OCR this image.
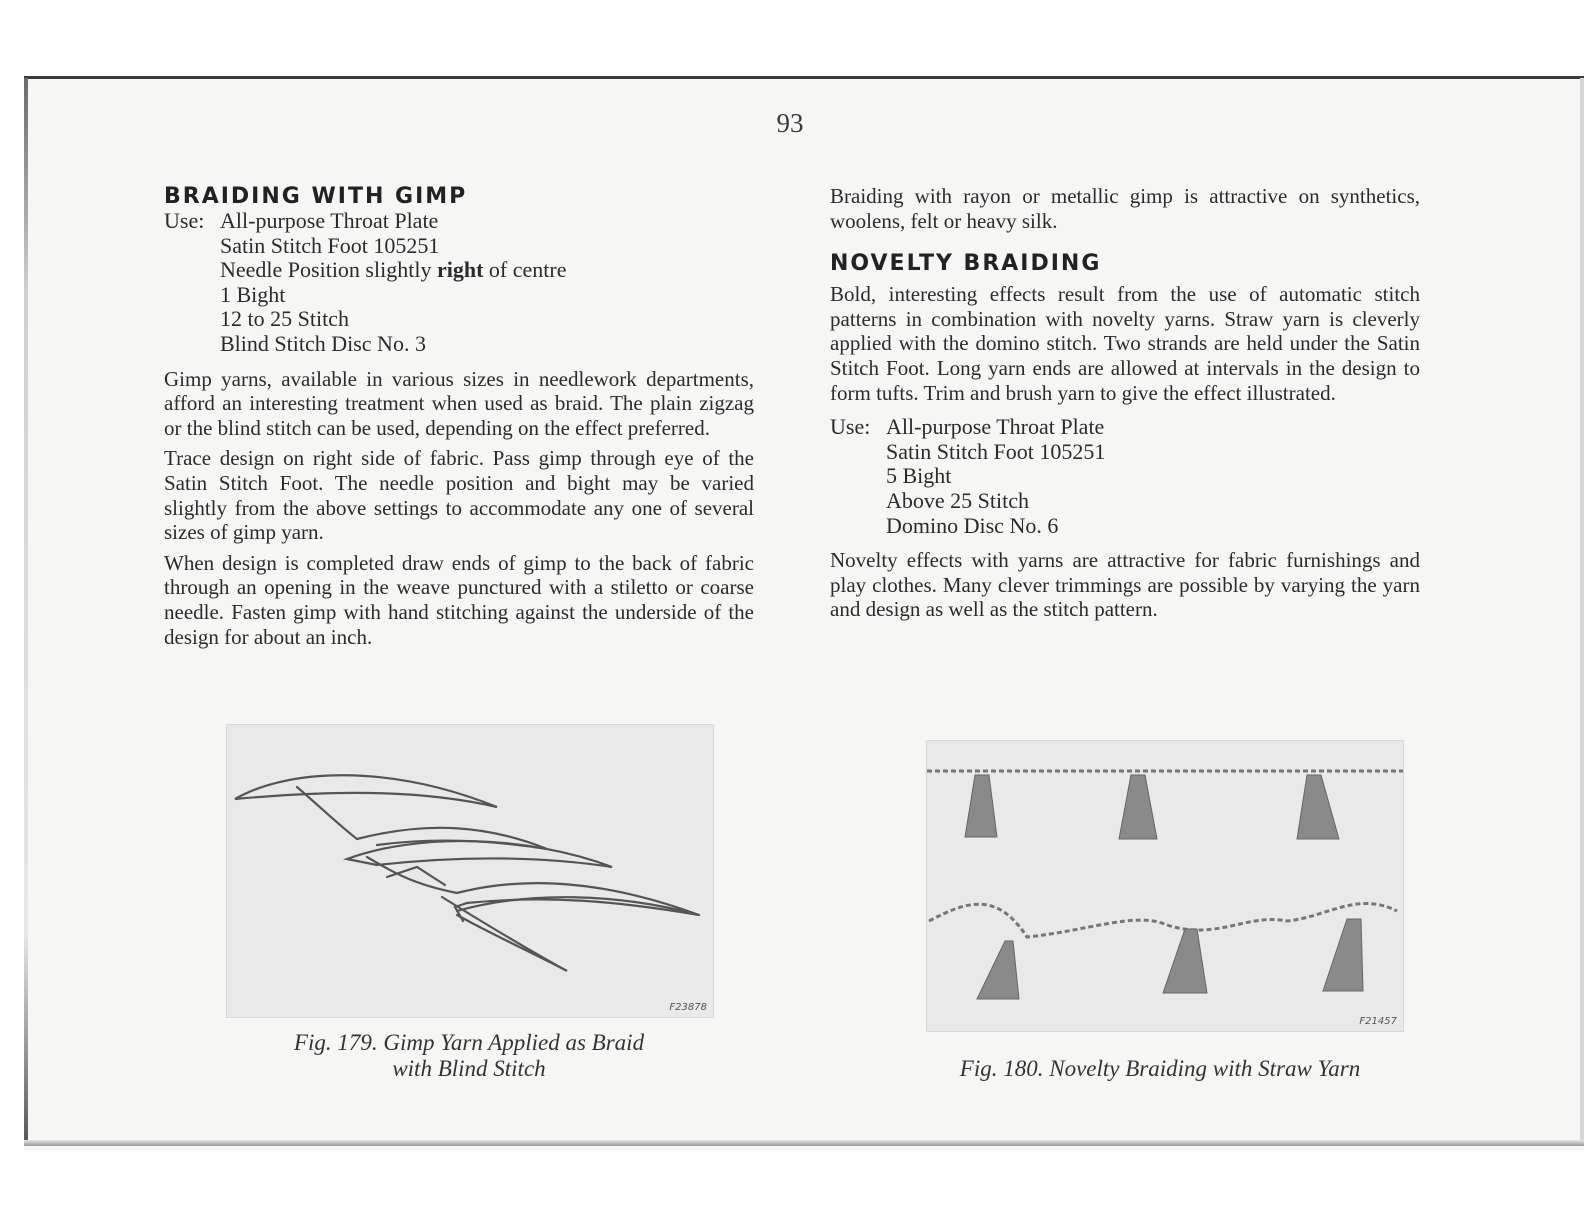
93
BRAIDING WITH GIMP
Use: All-purpose Throat Plate
Satin Stitch Foot 105251
Needle Position slightly right of centre
1 Bight
12 to 25 Stitch
Blind Stitch Disc No. 3

Gimp yarns, available in various sizes in needlework departments, afford an interesting treatment when used as braid. The plain zigzag or the blind stitch can be used, depending on the effect preferred.

Trace design on right side of fabric. Pass gimp through eye of the Satin Stitch Foot. The needle position and bight may be varied slightly from the above settings to accommodate any one of several sizes of gimp yarn.

When design is completed draw ends of gimp to the back of fabric through an opening in the weave punctured with a stiletto or coarse needle. Fasten gimp with hand stitching against the underside of the design for about an inch.

F23878
Fig. 179. Gimp Yarn Applied as Braid
with Blind Stitch

Braiding with rayon or metallic gimp is attractive on synthetics, woolens, felt or heavy silk.

NOVELTY BRAIDING

Bold, interesting effects result from the use of automatic stitch patterns in combination with novelty yarns. Straw yarn is cleverly applied with the domino stitch. Two strands are held under the Satin Stitch Foot. Long yarn ends are allowed at intervals in the design to form tufts. Trim and brush yarn to give the effect illustrated.

Use: All-purpose Throat Plate
Satin Stitch Foot 105251
5 Bight
Above 25 Stitch
Domino Disc No. 6

Novelty effects with yarns are attractive for fabric furnishings and play clothes. Many clever trimmings are possible by varying the yarn and design as well as the stitch pattern.

F21457
Fig. 180. Novelty Braiding with Straw Yarn
